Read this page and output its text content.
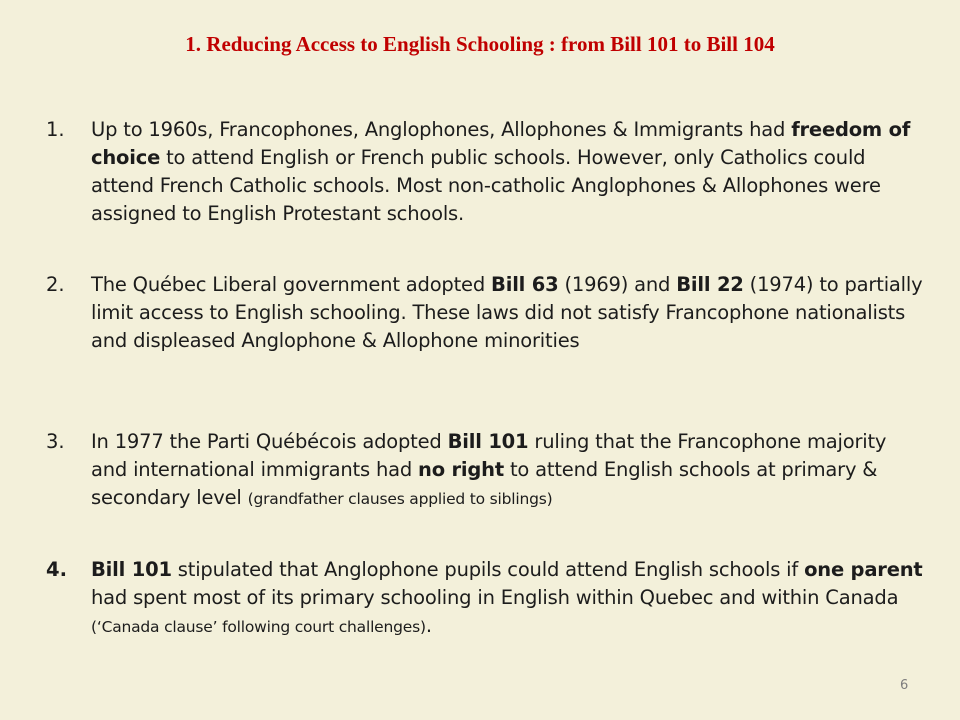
1. Reducing Access to English Schooling : from Bill 101 to Bill 104
1.	Up to 1960s, Francophones, Anglophones, Allophones & Immigrants had freedom of choice to attend English or French public schools. However, only Catholics could attend French Catholic schools. Most non-catholic Anglophones & Allophones were assigned to English Protestant schools.
2.	The Québec Liberal government adopted Bill 63 (1969) and Bill 22 (1974) to partially limit access to English schooling. These laws did not satisfy Francophone nationalists and displeased Anglophone & Allophone minorities
3.	In 1977 the Parti Québécois adopted Bill 101 ruling that the Francophone majority and international immigrants had no right to attend English schools at primary & secondary level (grandfather clauses applied to siblings)
4.	Bill 101 stipulated that Anglophone pupils could attend English schools if one parent had spent most of its primary schooling in English within Quebec and within Canada (‘Canada clause’ following court challenges).
6
